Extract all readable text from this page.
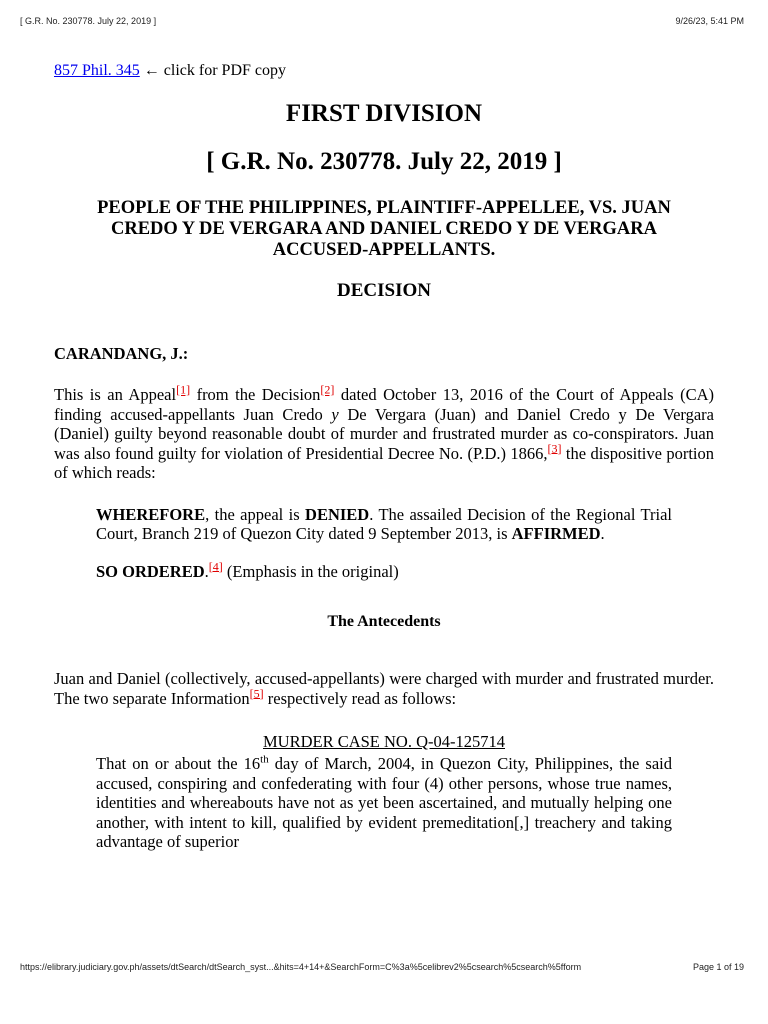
[ G.R. No. 230778. July 22, 2019 ]	9/26/23, 5:41 PM

857 Phil. 345 ← click for PDF copy

FIRST DIVISION
[ G.R. No. 230778. July 22, 2019 ]
PEOPLE OF THE PHILIPPINES, PLAINTIFF-APPELLEE, VS. JUAN CREDO Y DE VERGARA AND DANIEL CREDO Y DE VERGARA ACCUSED-APPELLANTS.
DECISION
CARANDANG, J.:

This is an Appeal[1] from the Decision[2] dated October 13, 2016 of the Court of Appeals (CA) finding accused-appellants Juan Credo y De Vergara (Juan) and Daniel Credo y De Vergara (Daniel) guilty beyond reasonable doubt of murder and frustrated murder as co-conspirators. Juan was also found guilty for violation of Presidential Decree No. (P.D.) 1866,[3] the dispositive portion of which reads:

WHEREFORE, the appeal is DENIED. The assailed Decision of the Regional Trial Court, Branch 219 of Quezon City dated 9 September 2013, is AFFIRMED.

SO ORDERED.[4] (Emphasis in the original)

The Antecedents

Juan and Daniel (collectively, accused-appellants) were charged with murder and frustrated murder. The two separate Information[5] respectively read as follows:

MURDER CASE NO. Q-04-125714
That on or about the 16th day of March, 2004, in Quezon City, Philippines, the said accused, conspiring and confederating with four (4) other persons, whose true names, identities and whereabouts have not as yet been ascertained, and mutually helping one another, with intent to kill, qualified by evident premeditation[,] treachery and taking advantage of superior
https://elibrary.judiciary.gov.ph/assets/dtSearch/dtSearch_syst...&hits=4+14+&SearchForm=C%3a%5celibrev2%5csearch%5csearch%5fform	Page 1 of 19
